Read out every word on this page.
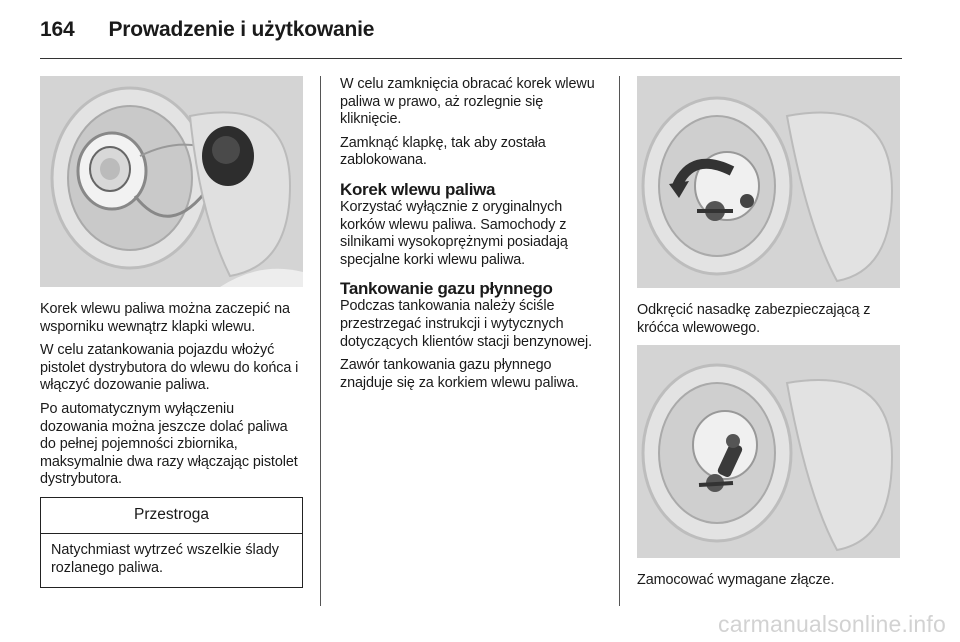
164 Prowadzenie i użytkowanie

Korek wlewu paliwa można zaczepić na wsporniku wewnątrz klapki wlewu.

W celu zatankowania pojazdu włożyć pistolet dystrybutora do wlewu do końca i włączyć dozowanie paliwa.

Po automatycznym wyłączeniu dozowania można jeszcze dolać paliwa do pełnej pojemności zbiornika, maksymalnie dwa razy włączając pistolet dystrybutora.

Przestroga
Natychmiast wytrzeć wszelkie ślady rozlanego paliwa.

W celu zamknięcia obracać korek wlewu paliwa w prawo, aż rozlegnie się kliknięcie.

Zamknąć klapkę, tak aby została zablokowana.

Korek wlewu paliwa

Korzystać wyłącznie z oryginalnych korków wlewu paliwa. Samochody z silnikami wysokoprężnymi posiadają specjalne korki wlewu paliwa.

Tankowanie gazu płynnego

Podczas tankowania należy ściśle przestrzegać instrukcji i wytycznych dotyczących klientów stacji benzynowej.

Zawór tankowania gazu płynnego znajduje się za korkiem wlewu paliwa.

Odkręcić nasadkę zabezpieczającą z króćca wlewowego.

Zamocować wymagane złącze.

carmanualsonline.info
